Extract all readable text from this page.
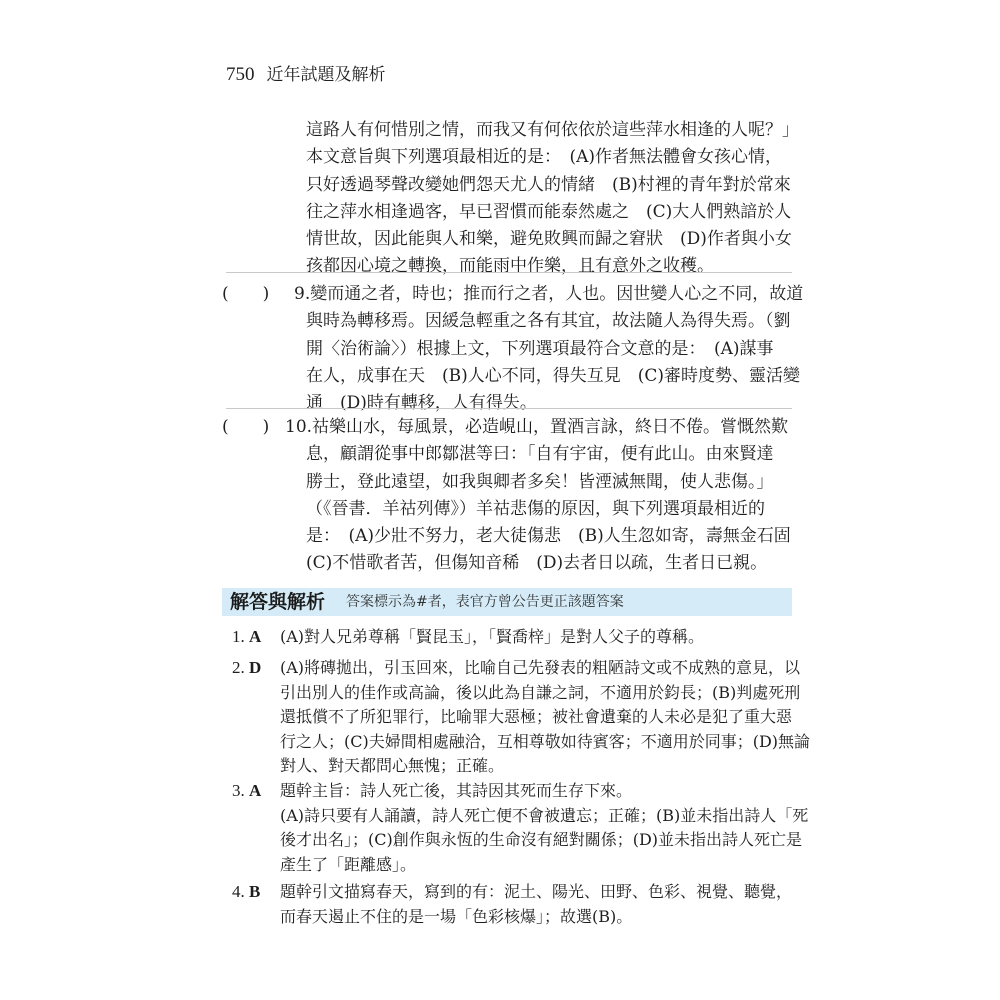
750 近年試題及解析

這路人有何惜別之情，而我又有何依依於這些萍水相逢的人呢？」

本文意旨與下列選項最相近的是：　(A)作者無法體會女孩心情，

只好透過琴聲改變她們怨天尤人的情緒　(B)村裡的青年對於常來

往之萍水相逢過客，早已習慣而能泰然處之　(C)大人們熟諳於人

情世故，因此能與人和樂，避免敗興而歸之窘狀　(D)作者與小女

孩都因心境之轉換，而能雨中作樂，且有意外之收穫。

(　　) 9.變而通之者，時也；推而行之者，人也。因世變人心之不同，故道

與時為轉移焉。因緩急輕重之各有其宜，故法隨人為得失焉。（劉

開〈治術論〉）根據上文，下列選項最符合文意的是：　(A)謀事

在人，成事在天　(B)人心不同，得失互見　(C)審時度勢、靈活變

通　(D)時有轉移，人有得失。

(　　) 10.祜樂山水，每風景，必造峴山，置酒言詠，終日不倦。嘗慨然歎

息，顧謂從事中郎鄒湛等曰：「自有宇宙，便有此山。由來賢達

勝士，登此遠望，如我與卿者多矣！皆湮滅無聞，使人悲傷。」

（《晉書．羊祜列傳》）羊祜悲傷的原因，與下列選項最相近的

是：　(A)少壯不努力，老大徒傷悲　(B)人生忽如寄，壽無金石固

(C)不惜歌者苦，但傷知音稀　(D)去者日以疏，生者日已親。

解答與解析 答案標示為#者，表官方曾公告更正該題答案
1. A (A)對人兄弟尊稱「賢昆玉」，「賢喬梓」是對人父子的尊稱。

2. D (A)將磚拋出，引玉回來，比喻自己先發表的粗陋詩文或不成熟的意見，以

引出別人的佳作或高論，後以此為自謙之詞，不適用於鈞長；(B)判處死刑

還抵償不了所犯罪行，比喻罪大惡極；被社會遺棄的人未必是犯了重大惡

行之人；(C)夫婦間相處融洽，互相尊敬如待賓客；不適用於同事；(D)無論

對人、對天都問心無愧；正確。

3. A 題幹主旨：詩人死亡後，其詩因其死而生存下來。

(A)詩只要有人誦讀，詩人死亡便不會被遺忘；正確；(B)並未指出詩人「死

後才出名」；(C)創作與永恆的生命沒有絕對關係；(D)並未指出詩人死亡是

產生了「距離感」。

4. B 題幹引文描寫春天，寫到的有：泥土、陽光、田野、色彩、視覺、聽覺，

而春天遏止不住的是一場「色彩核爆」；故選(B)。
